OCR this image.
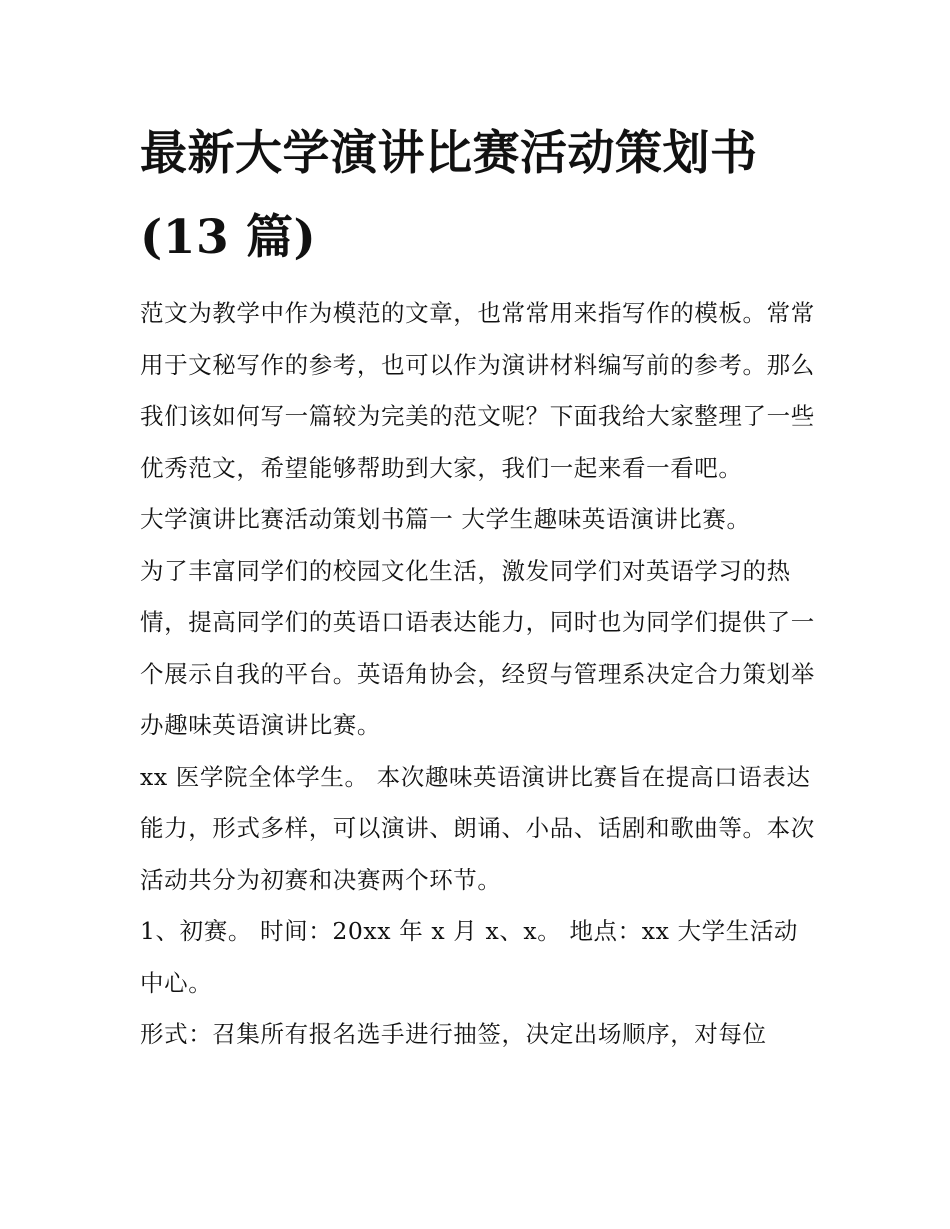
最新大学演讲比赛活动策划书
(13 篇)

范文为教学中作为模范的文章，也常常用来指写作的模板。常常用于文秘写作的参考，也可以作为演讲材料编写前的参考。那么我们该如何写一篇较为完美的范文呢？下面我给大家整理了一些优秀范文，希望能够帮助到大家，我们一起来看一看吧。

大学演讲比赛活动策划书篇一 大学生趣味英语演讲比赛。

为了丰富同学们的校园文化生活，激发同学们对英语学习的热情，提高同学们的英语口语表达能力，同时也为同学们提供了一个展示自我的平台。英语角协会，经贸与管理系决定合力策划举办趣味英语演讲比赛。

xx 医学院全体学生。 本次趣味英语演讲比赛旨在提高口语表达能力，形式多样，可以演讲、朗诵、小品、话剧和歌曲等。本次活动共分为初赛和决赛两个环节。

1、初赛。 时间：20xx 年 x 月 x、x。 地点：xx 大学生活动中心。

形式：召集所有报名选手进行抽签，决定出场顺序，对每位
